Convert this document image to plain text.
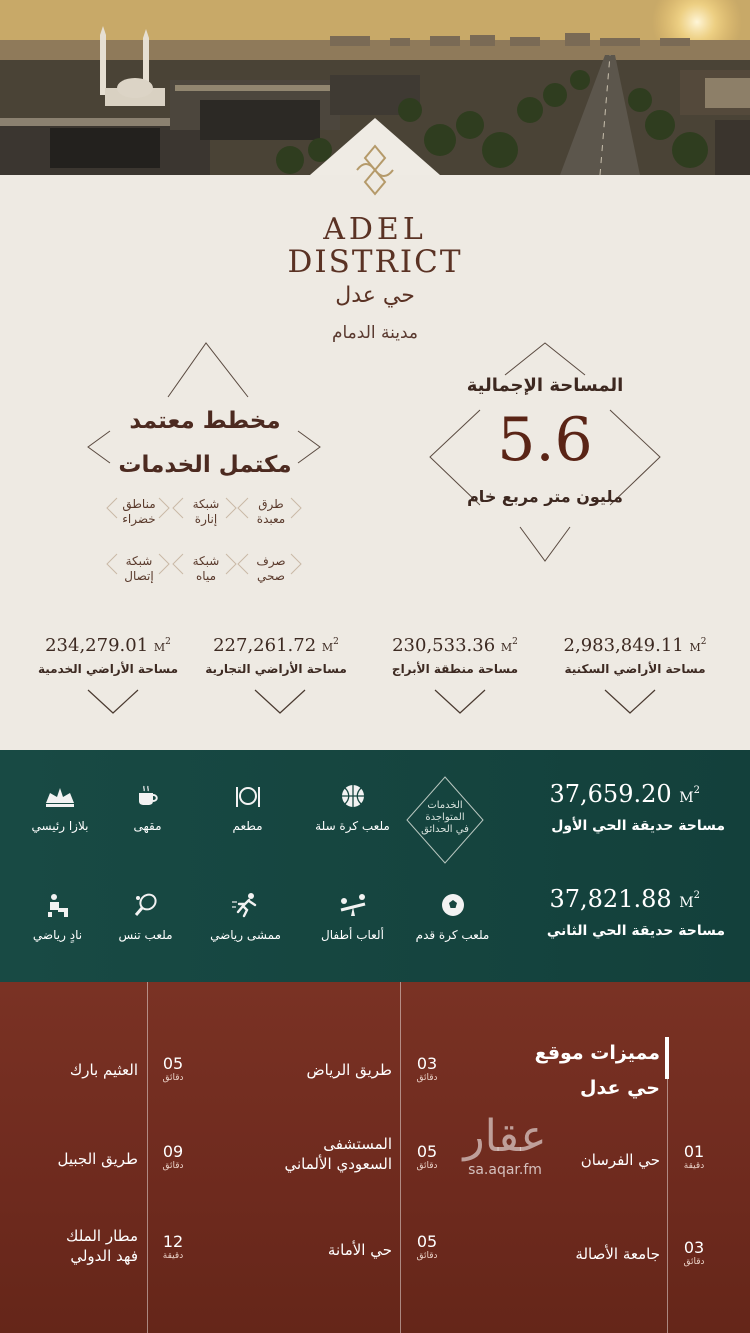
ADEL
DISTRICT
حي عدل
مدينة الدمام
المساحة الإجمالية
5.6
مليون متر مربع خام
مخطط معتمد
مكتمل الخدمات
طرق
معبدة
شبكة
إنارة
مناطق
خضراء
صرف
صحي
شبكة
مياه
شبكة
إتصال
2,983,849.11 $M^2$
مساحة الأراضي السكنية
230,533.36 $M^2$
مساحة منطقة الأبراج
227,261.72 $M^2$
مساحة الأراضي التجارية
234,279.01 $M^2$
مساحة الأراضي الخدمية
الخدمات
المتواجدة
في الحدائق
37,659.20 $M^2$
مساحة حديقة الحي الأول
37,821.88 $M^2$
مساحة حديقة الحي الثاني
ملعب كرة سلة
مطعم
مقهى
بلازا رئيسي
ملعب كرة قدم
ألعاب أطفال
ممشى رياضي
ملعب تنس
نادٍ رياضي
مميزات موقع
حي عدل
عقار
sa.aqar.fm
01
دقيقة
حي الفرسان
03
دقائق
جامعة الأصالة
03
دقائق
طريق الرياض
05
دقائق
المستشفى
السعودي الألماني
05
دقائق
حي الأمانة
05
دقائق
العثيم بارك
09
دقائق
طريق الجبيل
12
دقيقة
مطار الملك
فهد الدولي
